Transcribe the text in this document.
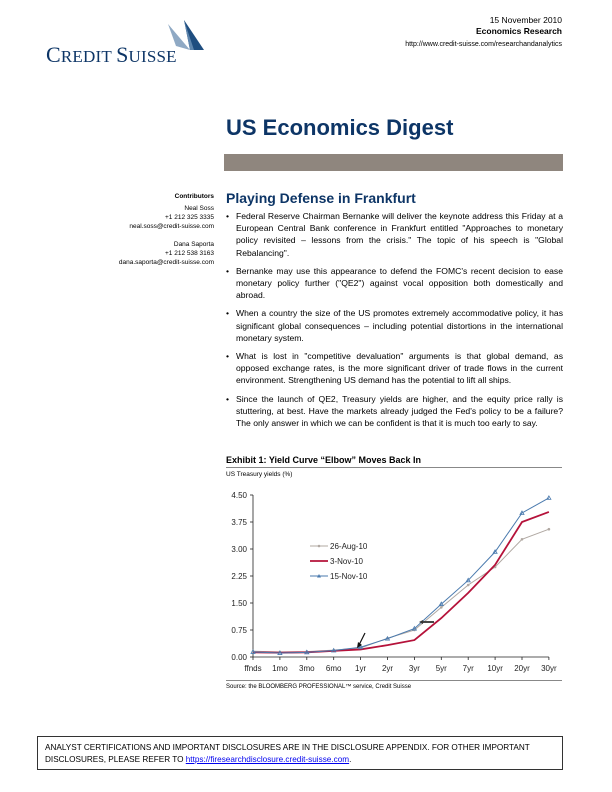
CREDIT SUISSE
15 November 2010
Economics Research
http://www.credit-suisse.com/researchandanalytics
US Economics Digest
Contributors
Neal Soss
+1 212 325 3335
neal.soss@credit-suisse.com
Dana Saporta
+1 212 538 3163
dana.saporta@credit-suisse.com
Playing Defense in Frankfurt
• Federal Reserve Chairman Bernanke will deliver the keynote address this Friday at a European Central Bank conference in Frankfurt entitled "Approaches to monetary policy revisited – lessons from the crisis." The topic of his speech is "Global Rebalancing".
• Bernanke may use this appearance to defend the FOMC's recent decision to ease monetary policy further ("QE2") against vocal opposition both domestically and abroad.
• When a country the size of the US promotes extremely accommodative policy, it has significant global consequences – including potential distortions in the international monetary system.
• What is lost in "competitive devaluation" arguments is that global demand, as opposed exchange rates, is the more significant driver of trade flows in the current environment. Strengthening US demand has the potential to lift all ships.
• Since the launch of QE2, Treasury yields are higher, and the equity price rally is stuttering, at best. Have the markets already judged the Fed's policy to be a failure? The only answer in which we can be confident is that it is much too early to say.
Exhibit 1: Yield Curve “Elbow” Moves Back In
US Treasury yields (%)
0.00
0.75
1.50
2.25
3.00
3.75
4.50
ffnds 1mo 3mo 6mo 1yr 2yr 3yr 5yr 7yr 10yr 20yr 30yr
26-Aug-10
3-Nov-10
15-Nov-10
Source: the BLOOMBERG PROFESSIONAL™ service, Credit Suisse
ANALYST CERTIFICATIONS AND IMPORTANT DISCLOSURES ARE IN THE DISCLOSURE APPENDIX. FOR OTHER IMPORTANT DISCLOSURES, PLEASE REFER TO https://firesearchdisclosure.credit-suisse.com.
